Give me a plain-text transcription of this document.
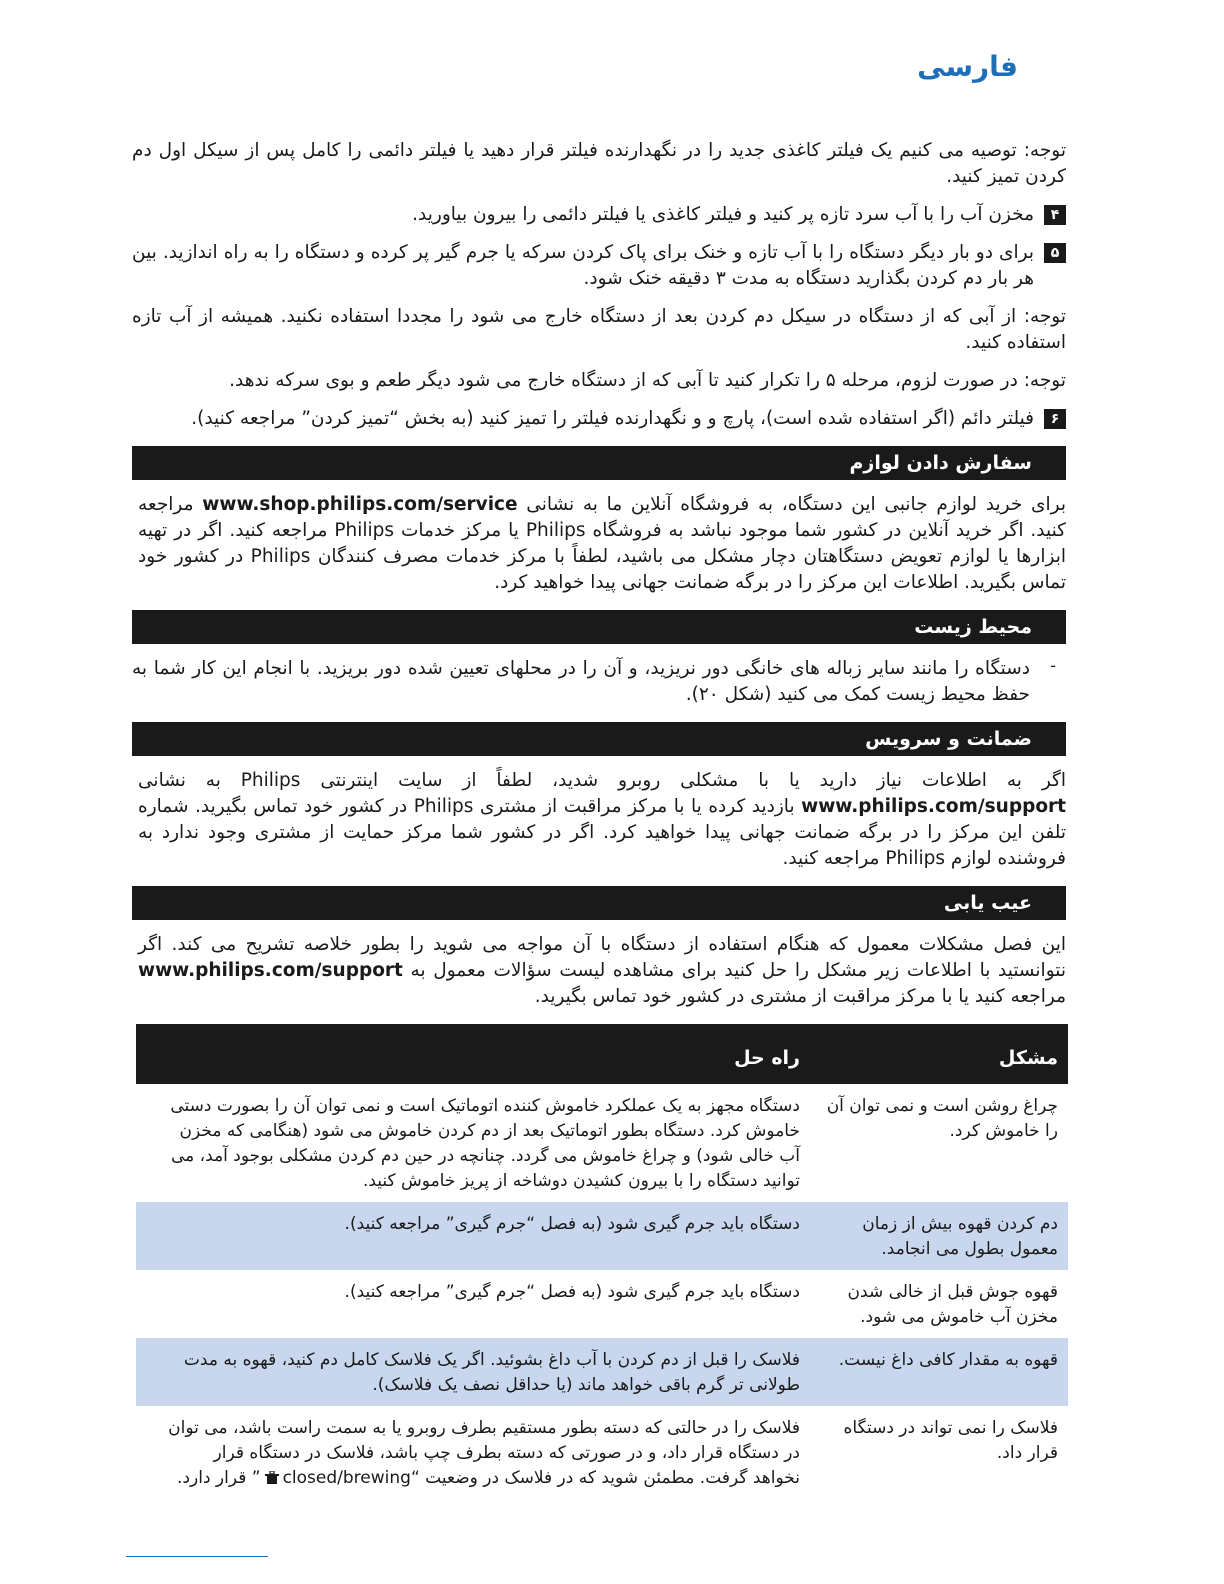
فارسی

توجه: توصیه می کنیم یک فیلتر کاغذی جدید را در نگهدارنده فیلتر قرار دهید یا فیلتر دائمی را کامل پس از سیکل اول دم کردن تمیز کنید.

۴

مخزن آب را با آب سرد تازه پر کنید و فیلتر کاغذی یا فیلتر دائمی را بیرون بیاورید.

۵

برای دو بار دیگر دستگاه را با آب تازه و خنک برای پاک کردن سرکه یا جرم گیر پر کرده و دستگاه را به راه اندازید. بین هر بار دم کردن بگذارید دستگاه به مدت ۳ دقیقه خنک شود.

توجه: از آبی که از دستگاه در سیکل دم کردن بعد از دستگاه خارج می شود را مجددا استفاده نکنید. همیشه از آب تازه استفاده کنید.

توجه: در صورت لزوم، مرحله ۵ را تکرار کنید تا آبی که از دستگاه خارج می شود دیگر طعم و بوی سرکه ندهد.

۶

فیلتر دائم (اگر استفاده شده است)، پارچ و و نگهدارنده فیلتر را تمیز کنید (به بخش “تمیز کردن” مراجعه کنید).

سفارش دادن لوازم

برای خرید لوازم جانبی این دستگاه، به فروشگاه آنلاین ما به نشانی www.shop.philips.com/service مراجعه کنید. اگر خرید آنلاین در کشور شما موجود نباشد به فروشگاه Philips یا مرکز خدمات Philips مراجعه کنید. اگر در تهیه ابزارها یا لوازم تعویض دستگاهتان دچار مشکل می باشید، لطفاً با مرکز خدمات مصرف کنندگان Philips در کشور خود تماس بگیرید. اطلاعات این مرکز را در برگه ضمانت جهانی پیدا خواهید کرد.

محیط زیست
-

دستگاه را مانند سایر زباله های خانگی دور نریزید، و آن را در محلهای تعیین شده دور بریزید. با انجام این کار شما به حفظ محیط زیست کمک می کنید (شکل ۲۰).

ضمانت و سرویس

اگر به اطلاعات نیاز دارید یا با مشکلی روبرو شدید، لطفاً از سایت اینترنتی Philips به نشانی www.philips.com/support بازدید کرده یا با مرکز مراقبت از مشتری Philips در کشور خود تماس بگیرید. شماره تلفن این مرکز را در برگه ضمانت جهانی پیدا خواهید کرد. اگر در کشور شما مرکز حمایت از مشتری وجود ندارد به فروشنده لوازم Philips مراجعه کنید.

عیب یابی

این فصل مشکلات معمول که هنگام استفاده از دستگاه با آن مواجه می شوید را بطور خلاصه تشریح می کند. اگر نتوانستید با اطلاعات زیر مشکل را حل کنید برای مشاهده لیست سؤالات معمول به www.philips.com/support مراجعه کنید یا با مرکز مراقبت از مشتری در کشور خود تماس بگیرید.

مشکل	راه حل
چراغ روشن است و نمی توان آن را خاموش کرد.	دستگاه مجهز به یک عملکرد خاموش کننده اتوماتیک است و نمی توان آن را بصورت دستی خاموش کرد. دستگاه بطور اتوماتیک بعد از دم کردن خاموش می شود (هنگامی که مخزن آب خالی شود) و چراغ خاموش می گردد. چنانچه در حین دم کردن مشکلی بوجود آمد، می توانید دستگاه را با بیرون کشیدن دوشاخه از پریز خاموش کنید.
دم کردن قهوه بیش از زمان معمول بطول می انجامد.	دستگاه باید جرم گیری شود (به فصل “جرم گیری” مراجعه کنید).
قهوه جوش قبل از خالی شدن مخزن آب خاموش می شود.	دستگاه باید جرم گیری شود (به فصل “جرم گیری” مراجعه کنید).
قهوه به مقدار کافی داغ نیست.	فلاسک را قبل از دم کردن با آب داغ بشوئید. اگر یک فلاسک کامل دم کنید، قهوه به مدت طولانی تر گرم باقی خواهد ماند (یا حداقل نصف یک فلاسک).
فلاسک را نمی تواند در دستگاه قرار داد.	فلاسک را در حالتی که دسته بطور مستقیم بطرف روبرو یا به سمت راست باشد، می توان در دستگاه قرار داد، و در صورتی که دسته بطرف چپ باشد، فلاسک در دستگاه قرار نخواهد گرفت. مطمئن شوید که در فلاسک در وضعیت “closed/brewing” قرار دارد.
